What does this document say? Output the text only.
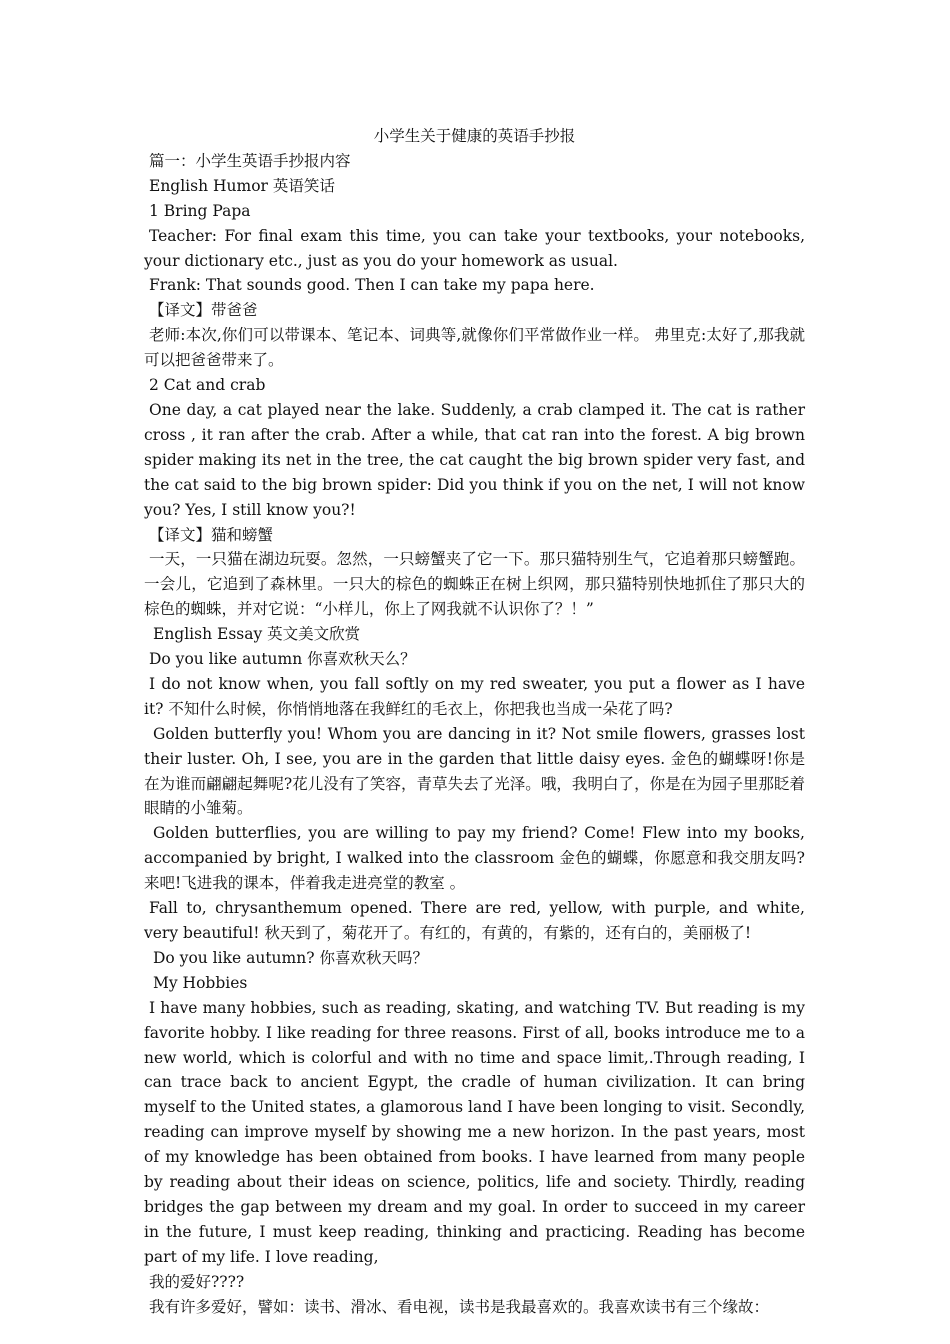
小学生关于健康的英语手抄报

篇一：小学生英语手抄报内容

English Humor 英语笑话

1 Bring Papa

Teacher: For final exam this time, you can take your textbooks, your notebooks, your dictionary etc., just as you do your homework as usual.

Frank: That sounds good. Then I can take my papa here.

【译文】带爸爸

老师:本次,你们可以带课本、笔记本、词典等,就像你们平常做作业一样。 弗里克:太好了,那我就可以把爸爸带来了。

2 Cat and crab

One day, a cat played near the lake. Suddenly, a crab clamped it. The cat is rather cross , it ran after the crab. After a while, that cat ran into the forest. A big brown spider making its net in the tree, the cat caught the big brown spider very fast, and the cat said to the big brown spider: Did you think if you on the net, I will not know you? Yes, I still know you?!

【译文】猫和螃蟹

一天，一只猫在湖边玩耍。忽然，一只螃蟹夹了它一下。那只猫特别生气，它追着那只螃蟹跑。一会儿，它追到了森林里。一只大的棕色的蜘蛛正在树上织网，那只猫特别快地抓住了那只大的棕色的蜘蛛，并对它说：“小样儿，你上了网我就不认识你了？！”

English Essay 英文美文欣赏

Do you like autumn 你喜欢秋天么？

I do not know when, you fall softly on my red sweater, you put a flower as I have it? 不知什么时候，你悄悄地落在我鲜红的毛衣上，你把我也当成一朵花了吗?

Golden butterfly you! Whom you are dancing in it? Not smile flowers, grasses lost their luster. Oh, I see, you are in the garden that little daisy eyes. 金色的蝴蝶呀!你是在为谁而翩翩起舞呢?花儿没有了笑容，青草失去了光泽。哦，我明白了，你是在为园子里那眨着眼睛的小雏菊。

Golden butterflies, you are willing to pay my friend? Come! Flew into my books, accompanied by bright, I walked into the classroom 金色的蝴蝶，你愿意和我交朋友吗?来吧!飞进我的课本，伴着我走进亮堂的教室 。

Fall to, chrysanthemum opened. There are red, yellow, with purple, and white, very beautiful! 秋天到了，菊花开了。有红的，有黄的，有紫的，还有白的，美丽极了!

Do you like autumn? 你喜欢秋天吗？

My Hobbies

I have many hobbies, such as reading, skating, and watching TV. But reading is my favorite hobby. I like reading for three reasons. First of all, books introduce me to a new world, which is colorful and with no time and space limit,.Through reading, I can trace back to ancient Egypt, the cradle of human civilization. It can bring myself to the United states, a glamorous land I have been longing to visit. Secondly, reading can improve myself by showing me a new horizon. In the past years, most of my knowledge has been obtained from books. I have learned from many people by reading about their ideas on science, politics, life and society. Thirdly, reading bridges the gap between my dream and my goal. In order to succeed in my career in the future, I must keep reading, thinking and practicing. Reading has become part of my life. I love reading,

我的爱好????

我有许多爱好，譬如：读书、滑冰、看电视，读书是我最喜欢的。我喜欢读书有三个缘故：
